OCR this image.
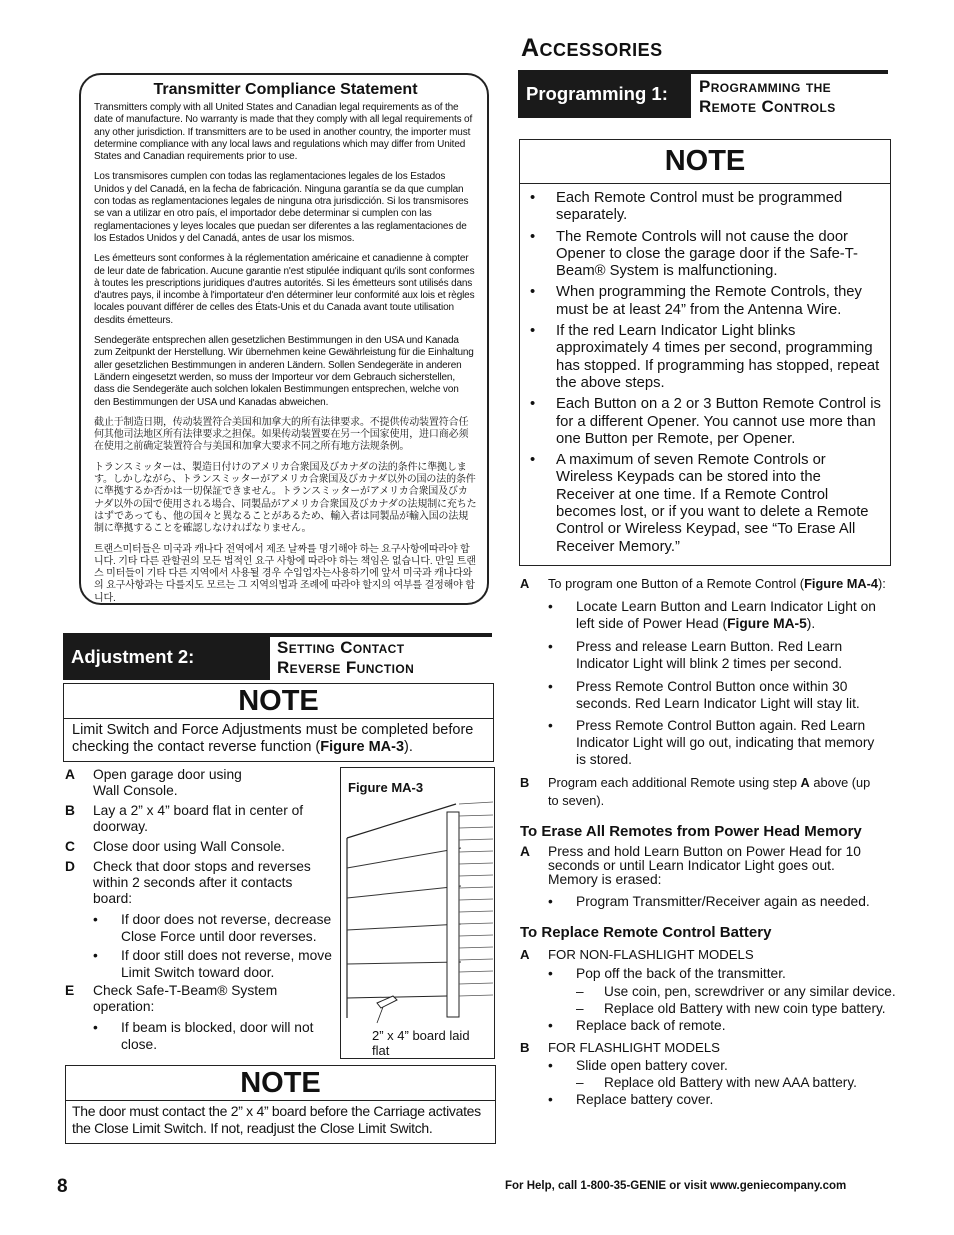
Transmitter Compliance Statement

Transmitters comply with all United States and Canadian legal requirements as of the date of manufacture. No warranty is made that they comply with all legal requirements of any other jurisdiction. If transmitters are to be used in another country, the importer must determine compliance with any local laws and regulations which may differ from United States and Canadian requirements prior to use.

Los transmisores cumplen con todas las reglamentaciones legales de los Estados Unidos y del Canadá, en la fecha de fabricación. Ninguna garantía se da que cumplan con todas as reglamentaciones legales de ninguna otra jurisdicción. Si los transmisores se van a utilizar en otro país, el importador debe determinar si cumplen con las reglamentaciones y leyes locales que puedan ser diferentes a las reglamentaciones de los Estados Unidos y del Canadá, antes de usar los mismos.

Les émetteurs sont conformes à la réglementation américaine et canadienne à compter de leur date de fabrication. Aucune garantie n'est stipulée indiquant qu'ils sont conformes à toutes les prescriptions juridiques d'autres autorités. Si les émetteurs sont utilisés dans d'autres pays, il incombe à l'importateur d'en déterminer leur conformité aux lois et règles locales pouvant différer de celles des États-Unis et du Canada avant toute utilisation desdits émetteurs.

Sendegeräte entsprechen allen gesetzlichen Bestimmungen in den USA und Kanada zum Zeitpunkt der Herstellung. Wir übernehmen keine Gewährleistung für die Einhaltung aller gesetzlichen Bestimmungen in anderen Ländern. Sollen Sendegeräte in anderen Ländern eingesetzt werden, so muss der Importeur vor dem Gebrauch sicherstellen, dass die Sendegeräte auch solchen lokalen Bestimmungen entsprechen, welche von den Bestimmungen der USA und Kanadas abweichen.

截止于制造日期，传动装置符合美国和加拿大的所有法律要求。不提供传动装置符合任何其他司法地区所有法律要求之担保。如果传动装置要在另一个国家使用，进口商必须在使用之前确定装置符合与美国和加拿大要求不同之所有地方法规条例。

トランスミッターは、製造日付けのアメリカ合衆国及びカナダの法的条件に準拠します。しかしながら、トランスミッターがアメリカ合衆国及びカナダ以外の国の法的条件に準拠するか否かは一切保証できません。トランスミッターがアメリカ合衆国及びカナダ以外の国で使用される場合、同製品がアメリカ合衆国及びカナダの法規制に充ちたはずであっても、他の国々と異なることがあるため、輸入者は同製品が輸入国の法規制に準拠することを確認しなければなりません。

트랜스미터들은 미국과 캐나다 전역에서 제조 날짜를 명기해야 하는 요구사항에따라야 합니다. 기타 다른 관할권의 모든 법적인 요구 사항에 따라야 하는 책임은 없습니다. 만일 트랜스 미터들이 기타 다른 지역에서 사용될 경우 수입업자는사용하기에 앞서 미국과 캐나다와의 요구사항과는 다를지도 모르는 그 지역의법과 조례에 따라야 할지의 여부를 결정해야 합니다.

Adjustment 2:	Setting Contact
Reverse Function
NOTE
Limit Switch and Force Adjustments must be completed before checking the contact reverse function (Figure MA-3).
A Open garage door using Wall Console.
B Lay a 2” x 4” board flat in center of doorway.
C Close door using Wall Console.
D Check that door stops and reverses within 2 seconds after it contacts board:
• If door does not reverse, decrease Close Force until door reverses.
• If door still does not reverse, move Limit Switch toward door.
E Check Safe-T-Beam® System operation:
• If beam is blocked, door will not close.
Figure MA-3
2” x 4” board laid flat
NOTE
The door must contact the 2” x 4” board before the Carriage activates the Close Limit Switch. If not, readjust the Close Limit Switch.
Accessories
Programming 1:	Programming the
Remote Controls
NOTE
• Each Remote Control must be programmed separately.
• The Remote Controls will not cause the door Opener to close the garage door if the Safe-T-Beam® System is malfunctioning.
• When programming the Remote Controls, they must be at least 24” from the Antenna Wire.
• If the red Learn Indicator Light blinks approximately 4 times per second, programming has stopped. If programming has stopped, repeat the above steps.
• Each Button on a 2 or 3 Button Remote Control is for a different Opener. You cannot use more than one Button per Remote, per Opener.
• A maximum of seven Remote Controls or Wireless Keypads can be stored into the Receiver at one time. If a Remote Control becomes lost, or if you want to delete a Remote Control or Wireless Keypad, see “To Erase All Receiver Memory.”
A To program one Button of a Remote Control (Figure MA-4):
• Locate Learn Button and Learn Indicator Light on left side of Power Head (Figure MA-5).
• Press and release Learn Button. Red Learn Indicator Light will blink 2 times per second.
• Press Remote Control Button once within 30 seconds. Red Learn Indicator Light will stay lit.
• Press Remote Control Button again. Red Learn Indicator Light will go out, indicating that memory is stored.
B Program each additional Remote using step A above (up to seven).
To Erase All Remotes from Power Head Memory
A Press and hold Learn Button on Power Head for 10 seconds or until Learn Indicator Light goes out. Memory is erased:
• Program Transmitter/Receiver again as needed.
To Replace Remote Control Battery
A FOR NON-FLASHLIGHT MODELS
• Pop off the back of the transmitter.
– Use coin, pen, screwdriver or any similar device.
– Replace old Battery with new coin type battery.
• Replace back of remote.
B FOR FLASHLIGHT MODELS
• Slide open battery cover.
– Replace old Battery with new AAA battery.
• Replace battery cover.
8	For Help, call 1-800-35-GENIE or visit www.geniecompany.com
